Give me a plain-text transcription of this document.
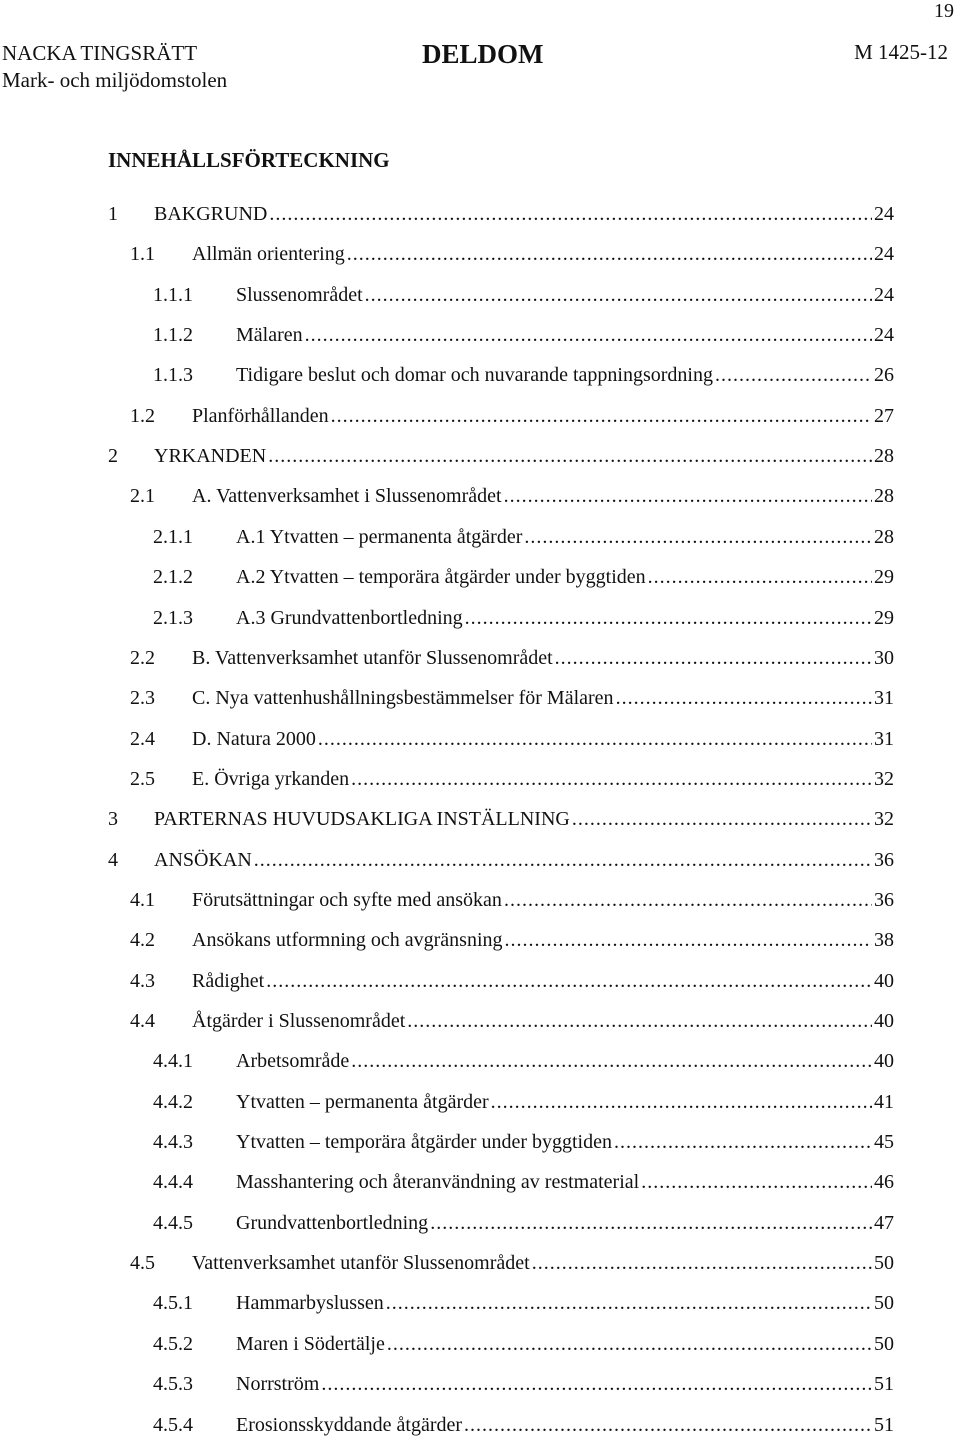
19
NACKA TINGSRÄTT
Mark- och miljödomstolen
DELDOM	M 1425-12
INNEHÅLLSFÖRTECKNING
1	BAKGRUND .....	24
1.1	Allmän orientering .....	24
1.1.1	Slussenområdet .....	24
1.1.2	Mälaren .....	24
1.1.3	Tidigare beslut och domar och nuvarande tappningsordning .....	26
1.2	Planförhållanden .....	27
2	YRKANDEN .....	28
2.1	A. Vattenverksamhet i Slussenområdet .....	28
2.1.1	A.1 Ytvatten – permanenta åtgärder .....	28
2.1.2	A.2 Ytvatten – temporära åtgärder under byggtiden .....	29
2.1.3	A.3 Grundvattenbortledning .....	29
2.2	B. Vattenverksamhet utanför Slussenområdet .....	30
2.3	C. Nya vattenhushållningsbestämmelser för Mälaren .....	31
2.4	D. Natura 2000 .....	31
2.5	E. Övriga yrkanden .....	32
3	PARTERNAS HUVUDSAKLIGA INSTÄLLNING .....	32
4	ANSÖKAN .....	36
4.1	Förutsättningar och syfte med ansökan .....	36
4.2	Ansökans utformning och avgränsning .....	38
4.3	Rådighet .....	40
4.4	Åtgärder i Slussenområdet .....	40
4.4.1	Arbetsområde .....	40
4.4.2	Ytvatten – permanenta åtgärder .....	41
4.4.3	Ytvatten – temporära åtgärder under byggtiden .....	45
4.4.4	Masshantering och återanvändning av restmaterial .....	46
4.4.5	Grundvattenbortledning .....	47
4.5	Vattenverksamhet utanför Slussenområdet .....	50
4.5.1	Hammarbyslussen .....	50
4.5.2	Maren i Södertälje .....	50
4.5.3	Norrström .....	51
4.5.4	Erosionsskyddande åtgärder .....	51
